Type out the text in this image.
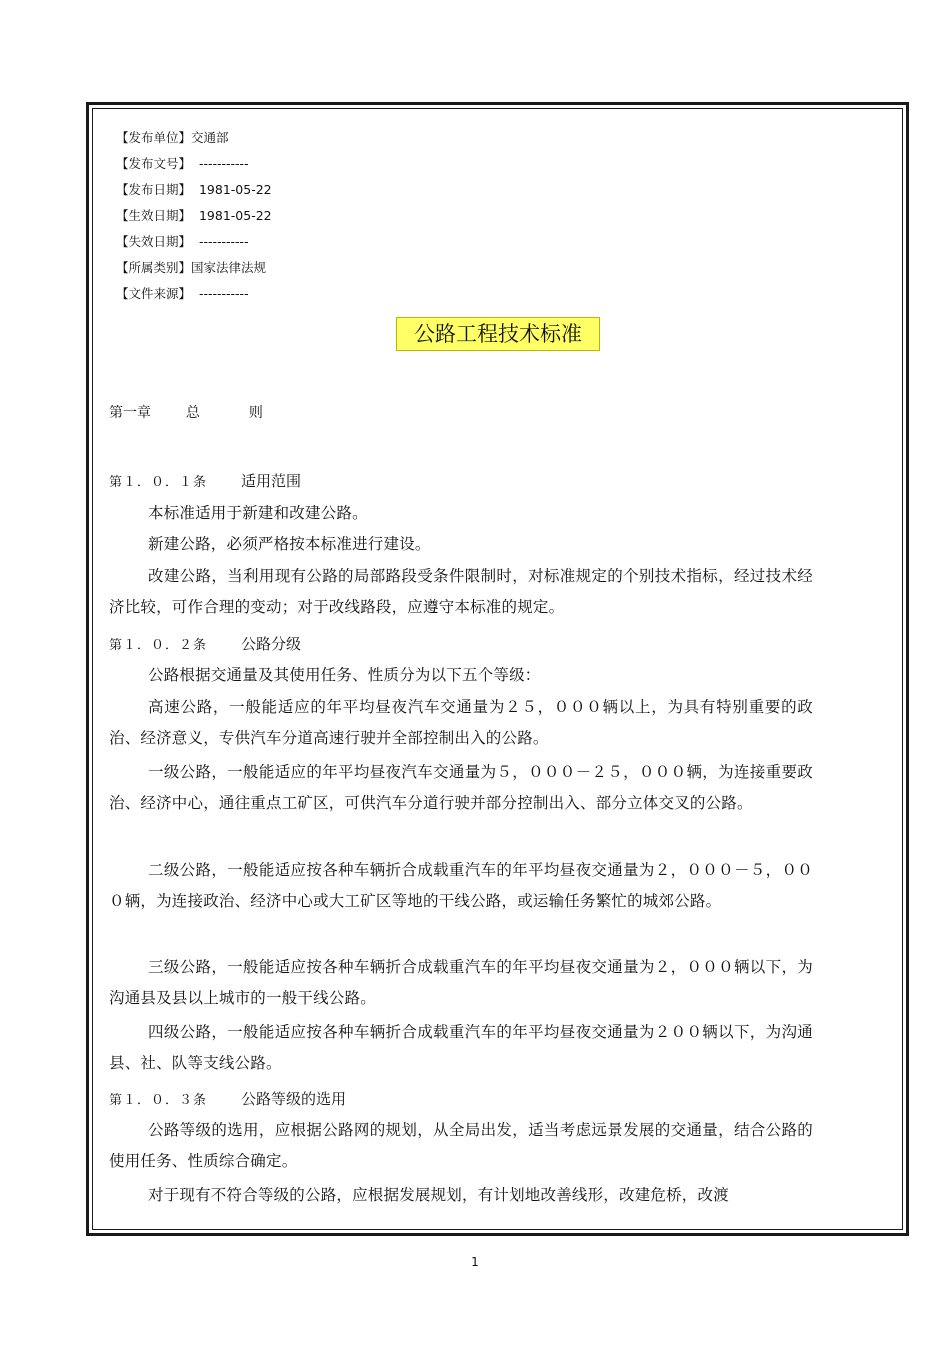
【发布单位】交通部
【发布文号】  -----------
【发布日期】  1981-05-22
【生效日期】  1981-05-22
【失效日期】  -----------
【所属类别】国家法律法规
【文件来源】  -----------
公路工程技术标准
第一章 总	则
第１．０．１条 适用范围
本标准适用于新建和改建公路。
新建公路，必须严格按本标准进行建设。
改建公路，当利用现有公路的局部路段受条件限制时，对标准规定的个别技术指标，经过技术经济比较，可作合理的变动；对于改线路段，应遵守本标准的规定。
第１．０．２条 公路分级
公路根据交通量及其使用任务、性质分为以下五个等级：
高速公路，一般能适应的年平均昼夜汽车交通量为２５，０００辆以上，为具有特别重要的政治、经济意义，专供汽车分道高速行驶并全部控制出入的公路。
一级公路，一般能适应的年平均昼夜汽车交通量为５，０００－２５，０００辆，为连接重要政治、经济中心，通往重点工矿区，可供汽车分道行驶并部分控制出入、部分立体交叉的公路。
二级公路，一般能适应按各种车辆折合成载重汽车的年平均昼夜交通量为２，０００－５，０００辆，为连接政治、经济中心或大工矿区等地的干线公路，或运输任务繁忙的城郊公路。
三级公路，一般能适应按各种车辆折合成载重汽车的年平均昼夜交通量为２，０００辆以下，为沟通县及县以上城市的一般干线公路。
四级公路，一般能适应按各种车辆折合成载重汽车的年平均昼夜交通量为２００辆以下，为沟通县、社、队等支线公路。
第１．０．３条 公路等级的选用
公路等级的选用，应根据公路网的规划，从全局出发，适当考虑远景发展的交通量，结合公路的使用任务、性质综合确定。
对于现有不符合等级的公路，应根据发展规划，有计划地改善线形，改建危桥，改渡
1
